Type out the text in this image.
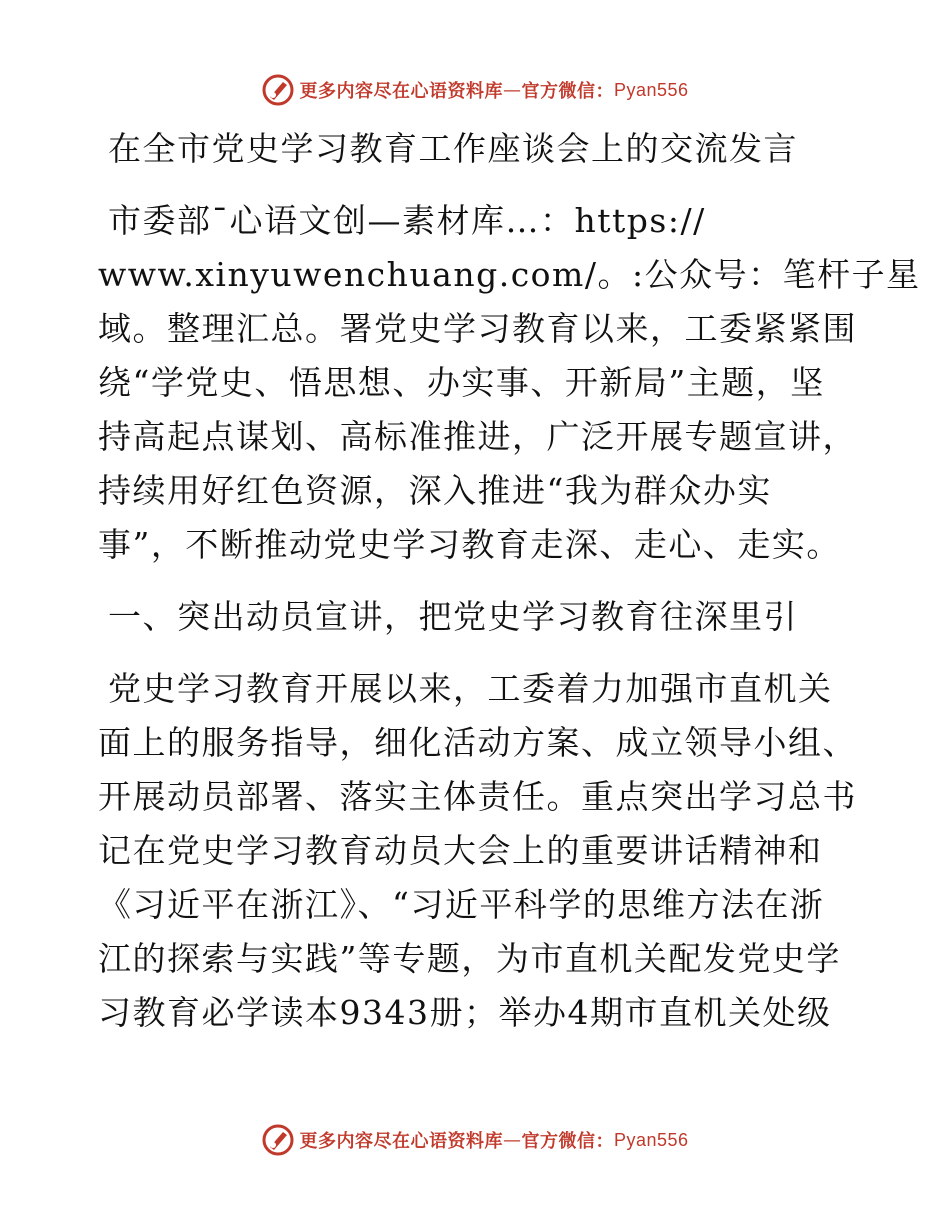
更多内容尽在心语资料库 — 官方微信： Pyan556
在全市党史学习教育工作座谈会上的交流发言
市委部¯心语文创—素材库…：https://
www.xinyuwenchuang.com/。:公众号：笔杆子星
域。整理汇总。署党史学习教育以来，工委紧紧围
绕“学党史、悟思想、办实事、开新局”主题，坚
持高起点谋划、高标准推进，广泛开展专题宣讲，
持续用好红色资源，深入推进“我为群众办实
事”，不断推动党史学习教育走深、走心、走实。
一、突出动员宣讲，把党史学习教育往深里引
党史学习教育开展以来，工委着力加强市直机关
面上的服务指导，细化活动方案、成立领导小组、
开展动员部署、落实主体责任。重点突出学习总书
记在党史学习教育动员大会上的重要讲话精神和
《习近平在浙江》、“习近平科学的思维方法在浙
江的探索与实践”等专题，为市直机关配发党史学
习教育必学读本9343册；举办4期市直机关处级
更多内容尽在心语资料库 — 官方微信： Pyan556
